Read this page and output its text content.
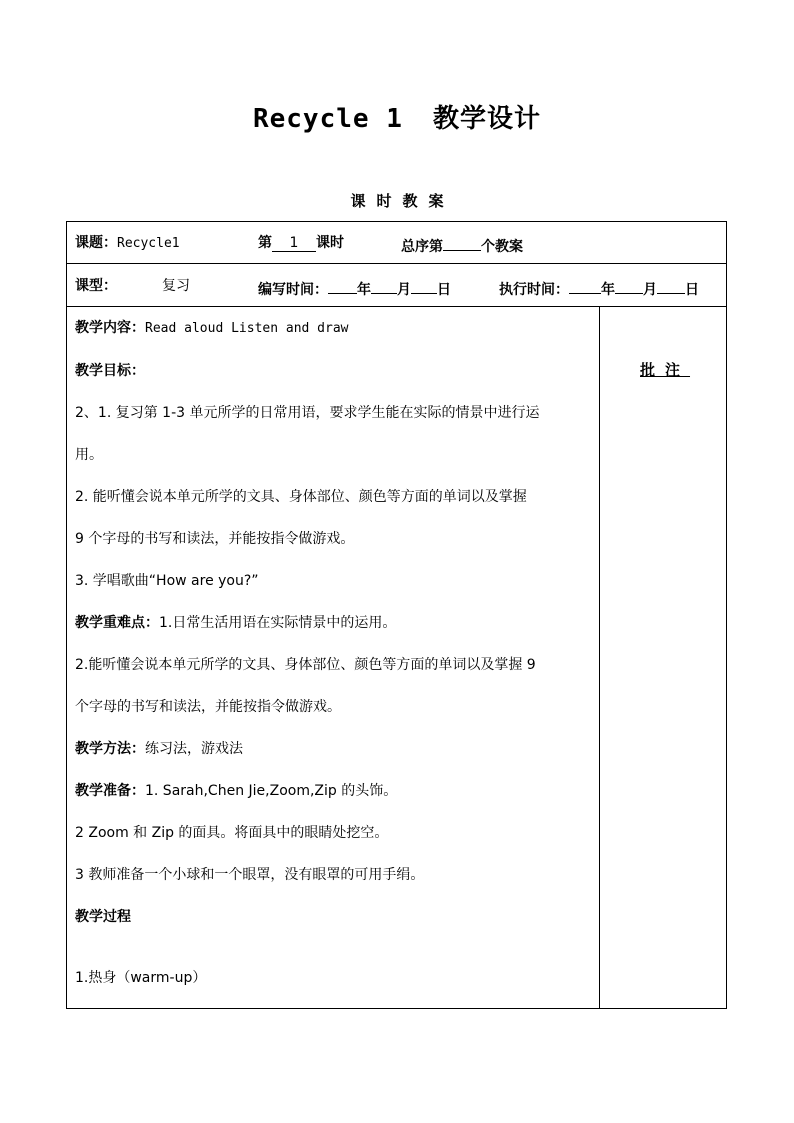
Recycle 1 教学设计
课时教案
课题：Recycle1	第 1 课时	总序第	个教案
课型：	复习	编写时间： 年 月 日	执行时间： 年 月 日
教学内容：Read aloud Listen and draw
教学目标：
2、1. 复习第 1-3 单元所学的日常用语，要求学生能在实际的情景中进行运
用。
2. 能听懂会说本单元所学的文具、身体部位、颜色等方面的单词以及掌握
9 个字母的书写和读法，并能按指令做游戏。
3. 学唱歌曲“How are you?”
教学重难点：1.日常生活用语在实际情景中的运用。
2.能听懂会说本单元所学的文具、身体部位、颜色等方面的单词以及掌握 9
个字母的书写和读法，并能按指令做游戏。
教学方法：练习法，游戏法
教学准备：1. Sarah,Chen Jie,Zoom,Zip 的头饰。
2 Zoom 和 Zip 的面具。将面具中的眼睛处挖空。
3 教师准备一个小球和一个眼罩，没有眼罩的可用手绢。
教学过程
1.热身（warm-up）
批注
